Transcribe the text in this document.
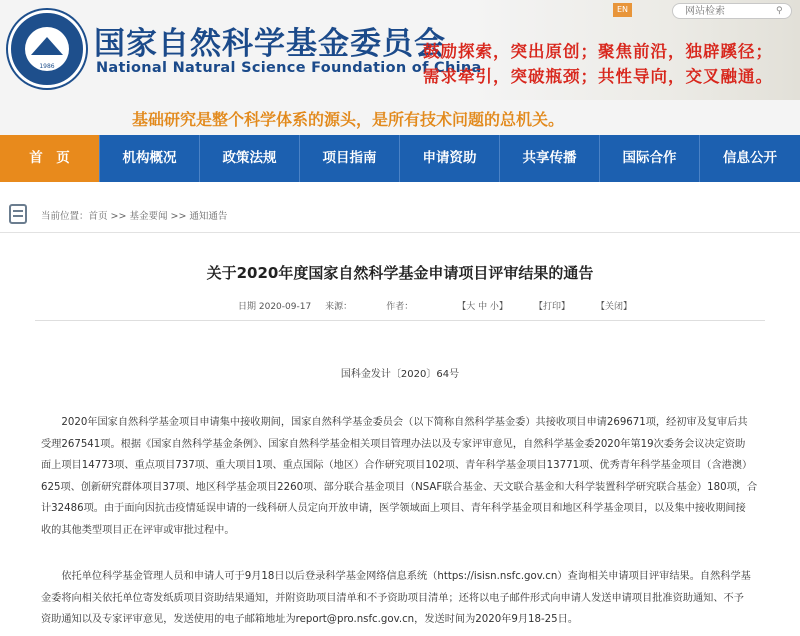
1986
国家自然科学基金委员会
National Natural Science Foundation of China
鼓励探索，突出原创；聚焦前沿，独辟蹊径；
需求牵引，突破瓶颈；共性导向，交叉融通。
EN
网站检索	⚲
基础研究是整个科学体系的源头，是所有技术问题的总机关。
首　页	机构概况	政策法规	项目指南	申请资助	共享传播	国际合作	信息公开
当前位置：首页 >> 基金要闻 >> 通知通告
关于2020年度国家自然科学基金申请项目评审结果的通告
日期 2020-09-17 来源：	作者：	【大 中 小】	【打印】	【关闭】
国科金发计〔2020〕64号
　　2020年国家自然科学基金项目申请集中接收期间，国家自然科学基金委员会（以下简称自然科学基金委）共接收项目申请269671项，经初审及复审后共
受理267541项。根据《国家自然科学基金条例》、国家自然科学基金相关项目管理办法以及专家评审意见，自然科学基金委2020年第19次委务会议决定资助
面上项目14773项、重点项目737项、重大项目1项、重点国际（地区）合作研究项目102项、青年科学基金项目13771项、优秀青年科学基金项目（含港澳）
625项、创新研究群体项目37项、地区科学基金项目2260项、部分联合基金项目（NSAF联合基金、天文联合基金和大科学装置科学研究联合基金）180项，合
计32486项。由于面向因抗击疫情延误申请的一线科研人员定向开放申请，医学领域面上项目、青年科学基金项目和地区科学基金项目，以及集中接收期间接
收的其他类型项目正在评审或审批过程中。
　　依托单位科学基金管理人员和申请人可于9月18日以后登录科学基金网络信息系统（https://isisn.nsfc.gov.cn）查询相关申请项目评审结果。自然科学基
金委将向相关依托单位寄发纸质项目资助结果通知，并附资助项目清单和不予资助项目清单；还将以电子邮件形式向申请人发送申请项目批准资助通知、不予
资助通知以及专家评审意见，发送使用的电子邮箱地址为report@pro.nsfc.gov.cn，发送时间为2020年9月18-25日。
